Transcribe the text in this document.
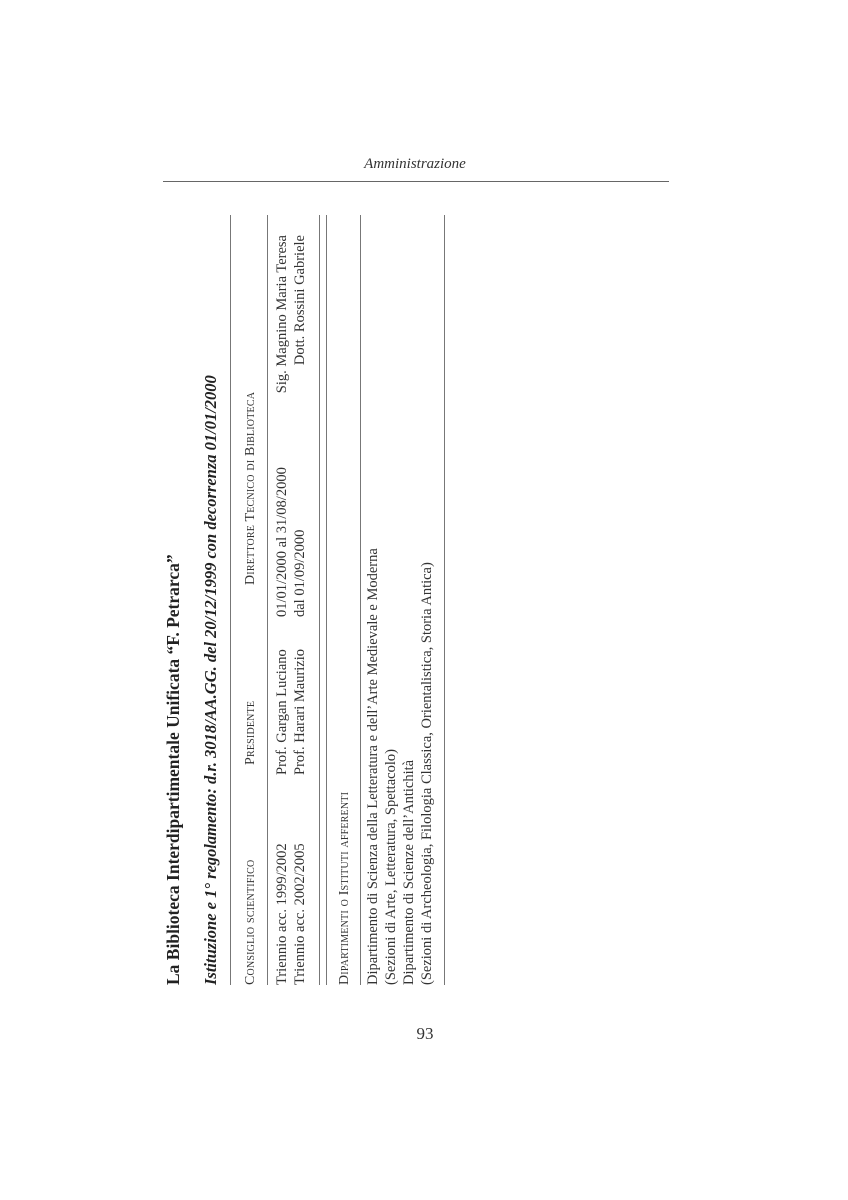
Amministrazione
La Biblioteca Interdipartimentale Unificata “F. Petrarca” Istituzione e 1° regolamento: d.r. 3018/AA.GG. del 20/12/1999 con decorrenza 01/01/2000 Consiglio scientifico
Presidente
Direttore Tecnico di Biblioteca
Triennio acc. 1999/2002 Triennio acc. 2002/2005
Prof. Gargan Luciano Prof. Harari Maurizio
01/01/2000 al 31/08/2000 dal 01/09/2000
Sig. Magnino Maria Teresa Dott. Rossini Gabriele
Dipartimenti o Istituti afferenti Dipartimento di Scienza della Letteratura e dell’Arte Medievale e Moderna (Sezioni di Arte, Letteratura, Spettacolo) Dipartimento di Scienze dell’Antichità (Sezioni di Archeologia, Filologia Classica, Orientalistica, Storia Antica)
93
